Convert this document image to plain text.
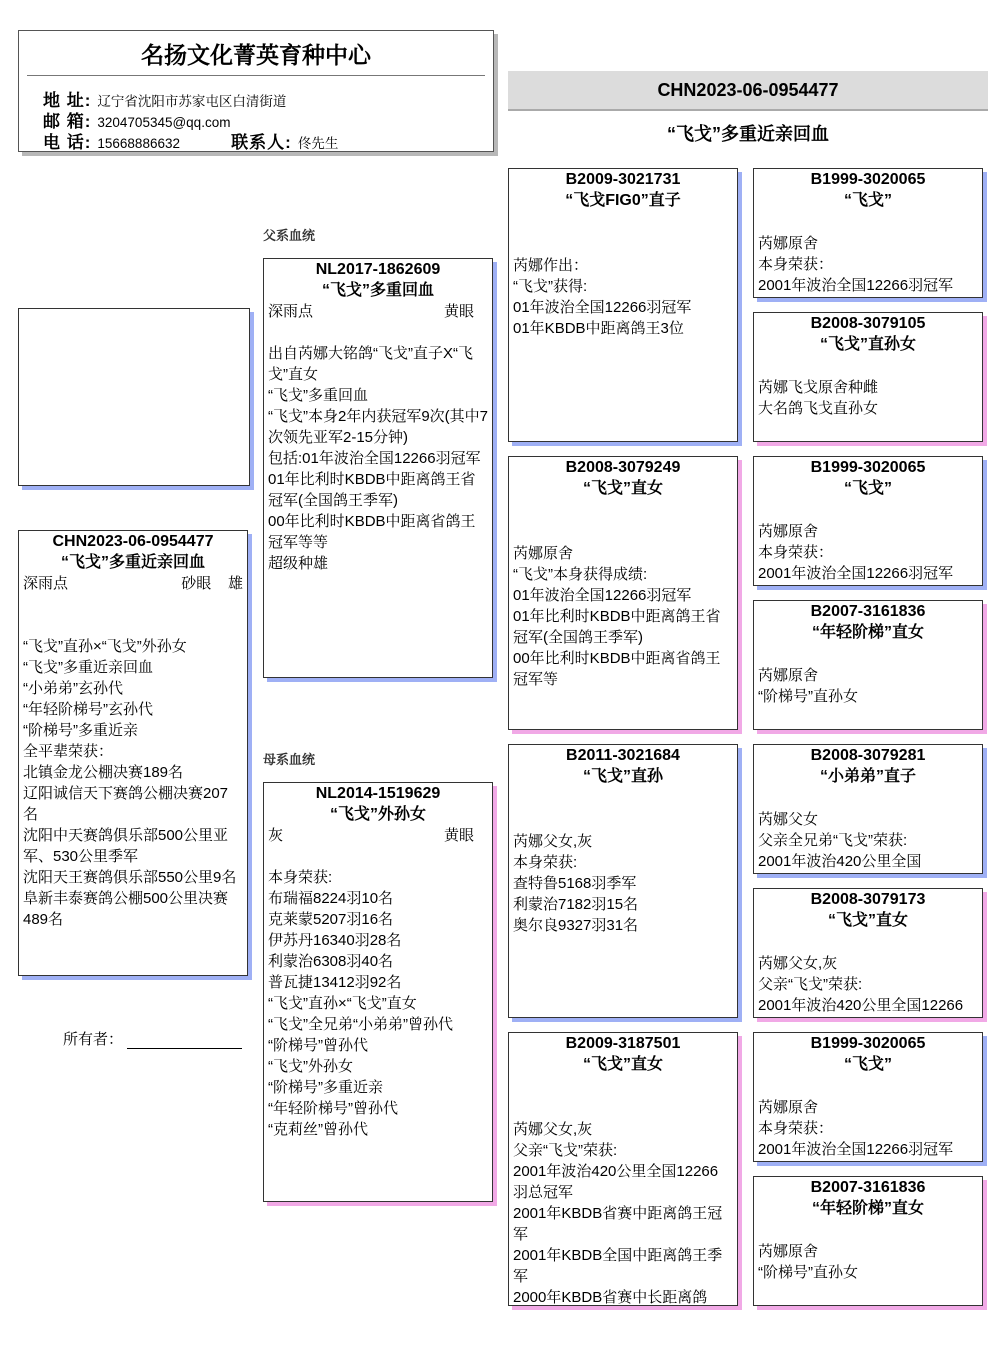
名扬文化菁英育种中心
地 址: 辽宁省沈阳市苏家屯区白清街道
邮 箱: 3204705345@qq.com
电 话: 15668886632	联系人: 佟先生
CHN2023-06-0954477
“飞戈”多重近亲回血
父系血统
母系血统
CHN2023-06-0954477
“飞戈”多重近亲回血
深雨点	砂眼 雄
“飞戈”直孙×“飞戈”外孙女
“飞戈”多重近亲回血
“小弟弟”玄孙代
“年轻阶梯号”玄孙代
“阶梯号”多重近亲
全平辈荣获：
北镇金龙公棚决赛189名
辽阳诚信天下赛鸽公棚决赛207名
沈阳中天赛鸽俱乐部500公里亚军、530公里季军
沈阳天王赛鸽俱乐部550公里9名
阜新丰泰赛鸽公棚500公里决赛489名
所有者：
NL2017-1862609
“飞戈”多重回血
深雨点	黄眼
出自芮娜大铭鸽“飞戈”直子X“飞戈”直女
“飞戈”多重回血
“飞戈”本身2年内获冠军9次(其中7次领先亚军2-15分钟)
包括:01年波治全国12266羽冠军
01年比利时KBDB中距离鸽王省冠军(全国鸽王季军)
00年比利时KBDB中距离省鸽王冠军等等
超级种雄
NL2014-1519629
“飞戈”外孙女
灰	黄眼
本身荣获:
布瑞福8224羽10名
克莱蒙5207羽16名
伊苏丹16340羽28名
利蒙治6308羽40名
普瓦捷13412羽92名
“飞戈”直孙×“飞戈”直女
“飞戈”全兄弟“小弟弟”曾孙代
“阶梯号”曾孙代
“飞戈”外孙女
“阶梯号”多重近亲
“年轻阶梯号”曾孙代
“克莉丝”曾孙代
B2009-3021731
“飞戈FIG0”直子
芮娜作出：
“飞戈”获得:
01年波治全国12266羽冠军
01年KBDB中距离鸽王3位
B2008-3079249
“飞戈”直女
芮娜原舍
“飞戈”本身获得成绩:
01年波治全国12266羽冠军
01年比利时KBDB中距离鸽王省冠军(全国鸽王季军)
00年比利时KBDB中距离省鸽王冠军等
B2011-3021684
“飞戈”直孙
芮娜父女,灰
本身荣获:
查特鲁5168羽季军
利蒙治7182羽15名
奥尔良9327羽31名
B2009-3187501
“飞戈”直女
芮娜父女,灰
父亲“飞戈”荣获:
2001年波治420公里全国12266羽总冠军
2001年KBDB省赛中距离鸽王冠军
2001年KBDB全国中距离鸽王季军
2000年KBDB省赛中长距离鸽
B1999-3020065
“飞戈”
芮娜原舍
本身荣获：
2001年波治全国12266羽冠军
B2008-3079105
“飞戈”直孙女
芮娜飞戈原舍种雌
大名鸽飞戈直孙女
B1999-3020065
“飞戈”
芮娜原舍
本身荣获：
2001年波治全国12266羽冠军
B2007-3161836
“年轻阶梯”直女
芮娜原舍
“阶梯号”直孙女
B2008-3079281
“小弟弟”直子
芮娜父女
父亲全兄弟“飞戈”荣获:
2001年波治420公里全国
B2008-3079173
“飞戈”直女
芮娜父女,灰
父亲“飞戈”荣获:
2001年波治420公里全国12266
B1999-3020065
“飞戈”
芮娜原舍
本身荣获：
2001年波治全国12266羽冠军
B2007-3161836
“年轻阶梯”直女
芮娜原舍
“阶梯号”直孙女
